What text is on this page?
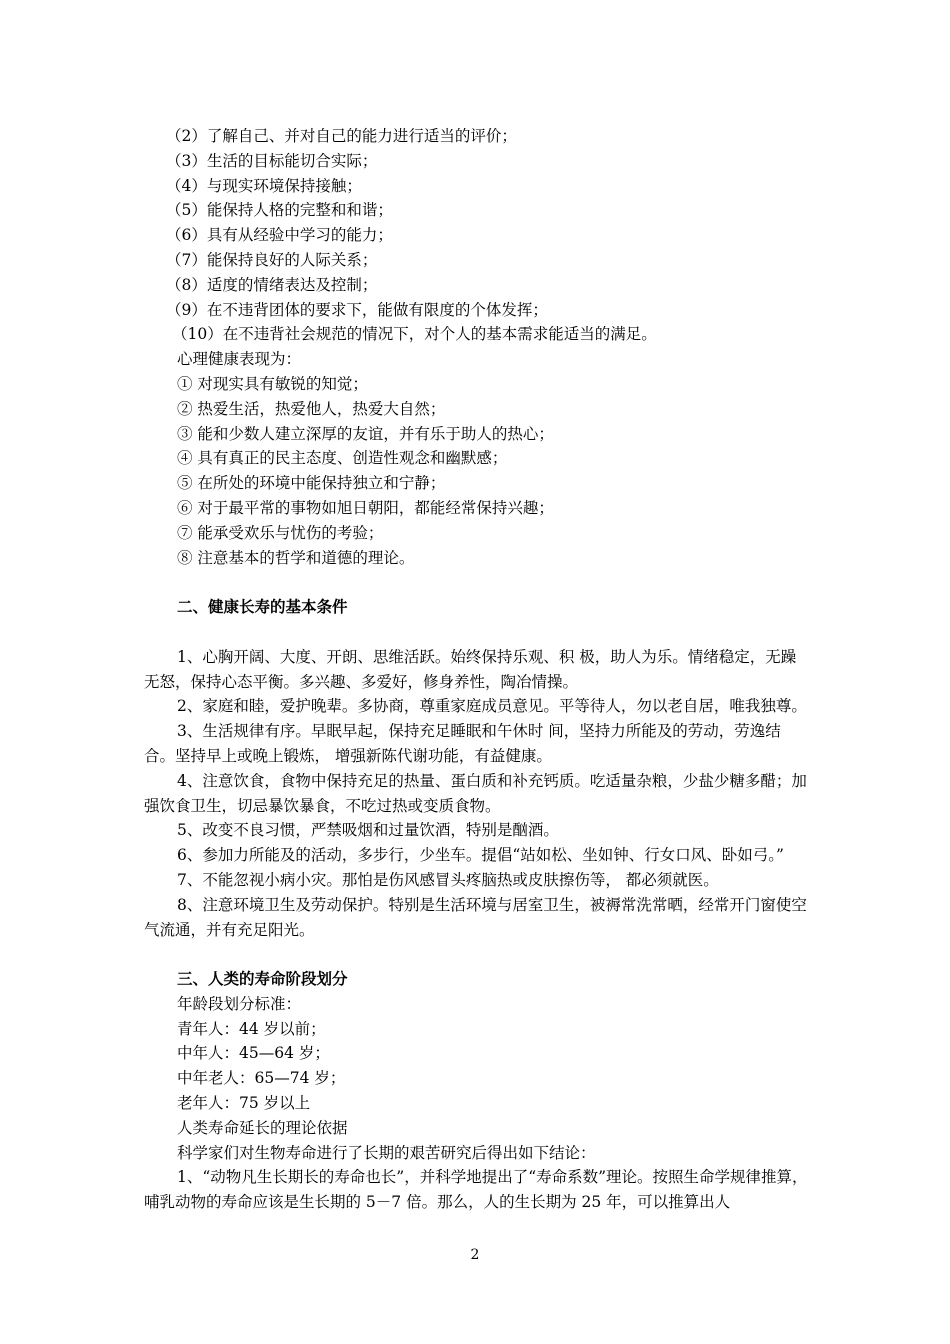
（2）了解自己、并对自己的能力进行适当的评价；
（3）生活的目标能切合实际；
（4）与现实环境保持接触；
（5）能保持人格的完整和和谐；
（6）具有从经验中学习的能力；
（7）能保持良好的人际关系；
（8）适度的情绪表达及控制；
（9）在不违背团体的要求下，能做有限度的个体发挥；
（10）在不违背社会规范的情况下，对个人的基本需求能适当的满足。
心理健康表现为：
① 对现实具有敏锐的知觉；
② 热爱生活，热爱他人，热爱大自然；
③ 能和少数人建立深厚的友谊，并有乐于助人的热心；
④ 具有真正的民主态度、创造性观念和幽默感；
⑤ 在所处的环境中能保持独立和宁静；
⑥ 对于最平常的事物如旭日朝阳，都能经常保持兴趣；
⑦ 能承受欢乐与忧伤的考验；
⑧ 注意基本的哲学和道德的理论。
二、健康长寿的基本条件

1、心胸开阔、大度、开朗、思维活跃。始终保持乐观、积 极，助人为乐。情绪稳定，无躁无怒，保持心态平衡。多兴趣、多爱好，修身养性，陶冶情操。

2、家庭和睦，爱护晚辈。多协商，尊重家庭成员意见。平等待人，勿以老自居，唯我独尊。

3、生活规律有序。早眠早起，保持充足睡眠和午休时 间，坚持力所能及的劳动，劳逸结合。坚持早上或晚上锻炼， 增强新陈代谢功能，有益健康。

4、注意饮食，食物中保持充足的热量、蛋白质和补充钙质。吃适量杂粮，少盐少糖多醋；加强饮食卫生，切忌暴饮暴食，不吃过热或变质食物。

5、改变不良习惯，严禁吸烟和过量饮酒，特别是酗酒。

6、参加力所能及的活动，多步行，少坐车。提倡“站如松、坐如钟、行女口风、卧如弓。”

7、不能忽视小病小灾。那怕是伤风感冒头疼脑热或皮肤擦伤等， 都必须就医。

8、注意环境卫生及劳动保护。特别是生活环境与居室卫生，被褥常洗常晒，经常开门窗使空气流通，并有充足阳光。

三、人类的寿命阶段划分
年龄段划分标准：
青年人：44 岁以前；
中年人：45—64 岁；
中年老人：65—74 岁；
老年人：75 岁以上
人类寿命延长的理论依据
科学家们对生物寿命进行了长期的艰苦研究后得出如下结论：

1、“动物凡生长期长的寿命也长”，并科学地提出了“寿命系数”理论。按照生命学规律推算，哺乳动物的寿命应该是生长期的 5－7 倍。那么，人的生长期为 25 年，可以推算出人

2
